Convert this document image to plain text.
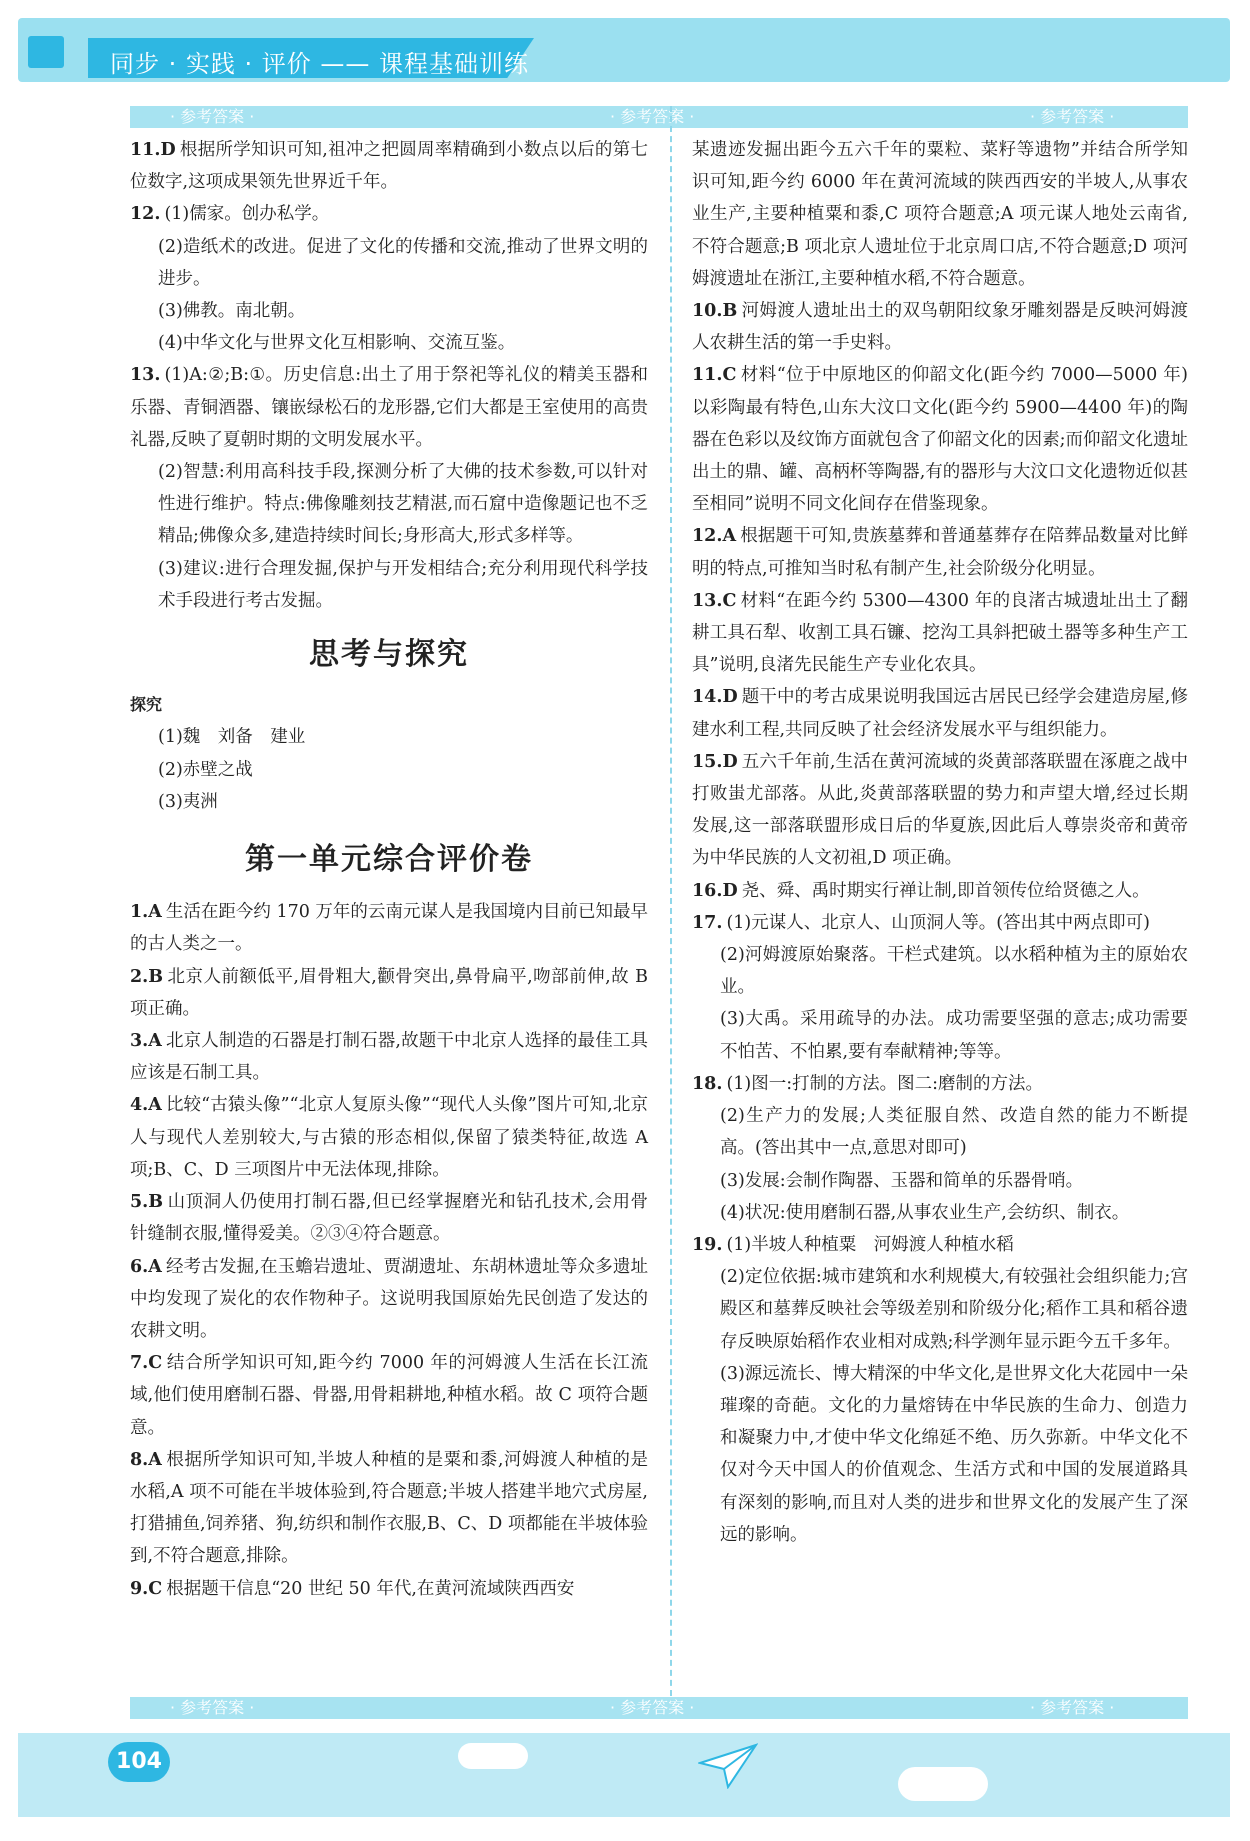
同步 · 实践 · 评价 —— 课程基础训练
· 参考答案 ·	· 参考答案 ·	· 参考答案 ·

11.D 根据所学知识可知,祖冲之把圆周率精确到小数点以后的第七位数字,这项成果领先世界近千年。

12. (1)儒家。创办私学。

(2)造纸术的改进。促进了文化的传播和交流,推动了世界文明的进步。

(3)佛教。南北朝。

(4)中华文化与世界文化互相影响、交流互鉴。

13. (1)A:②;B:①。历史信息:出土了用于祭祀等礼仪的精美玉器和乐器、青铜酒器、镶嵌绿松石的龙形器,它们大都是王室使用的高贵礼器,反映了夏朝时期的文明发展水平。

(2)智慧:利用高科技手段,探测分析了大佛的技术参数,可以针对性进行维护。特点:佛像雕刻技艺精湛,而石窟中造像题记也不乏精品;佛像众多,建造持续时间长;身形高大,形式多样等。

(3)建议:进行合理发掘,保护与开发相结合;充分利用现代科学技术手段进行考古发掘。

思考与探究
探究

(1)魏　刘备　建业

(2)赤壁之战

(3)夷洲

第一单元综合评价卷

1.A 生活在距今约 170 万年的云南元谋人是我国境内目前已知最早的古人类之一。

2.B 北京人前额低平,眉骨粗大,颧骨突出,鼻骨扁平,吻部前伸,故 B 项正确。

3.A 北京人制造的石器是打制石器,故题干中北京人选择的最佳工具应该是石制工具。

4.A 比较“古猿头像”“北京人复原头像”“现代人头像”图片可知,北京人与现代人差别较大,与古猿的形态相似,保留了猿类特征,故选 A 项;B、C、D 三项图片中无法体现,排除。

5.B 山顶洞人仍使用打制石器,但已经掌握磨光和钻孔技术,会用骨针缝制衣服,懂得爱美。②③④符合题意。

6.A 经考古发掘,在玉蟾岩遗址、贾湖遗址、东胡林遗址等众多遗址中均发现了炭化的农作物种子。这说明我国原始先民创造了发达的农耕文明。

7.C 结合所学知识可知,距今约 7000 年的河姆渡人生活在长江流域,他们使用磨制石器、骨器,用骨耜耕地,种植水稻。故 C 项符合题意。

8.A 根据所学知识可知,半坡人种植的是粟和黍,河姆渡人种植的是水稻,A 项不可能在半坡体验到,符合题意;半坡人搭建半地穴式房屋,打猎捕鱼,饲养猪、狗,纺织和制作衣服,B、C、D 项都能在半坡体验到,不符合题意,排除。

9.C 根据题干信息“20 世纪 50 年代,在黄河流域陕西西安

某遗迹发掘出距今五六千年的粟粒、菜籽等遗物”并结合所学知识可知,距今约 6000 年在黄河流域的陕西西安的半坡人,从事农业生产,主要种植粟和黍,C 项符合题意;A 项元谋人地处云南省,不符合题意;B 项北京人遗址位于北京周口店,不符合题意;D 项河姆渡遗址在浙江,主要种植水稻,不符合题意。

10.B 河姆渡人遗址出土的双鸟朝阳纹象牙雕刻器是反映河姆渡人农耕生活的第一手史料。

11.C 材料“位于中原地区的仰韶文化(距今约 7000—5000 年)以彩陶最有特色,山东大汶口文化(距今约 5900—4400 年)的陶器在色彩以及纹饰方面就包含了仰韶文化的因素;而仰韶文化遗址出土的鼎、罐、高柄杯等陶器,有的器形与大汶口文化遗物近似甚至相同”说明不同文化间存在借鉴现象。

12.A 根据题干可知,贵族墓葬和普通墓葬存在陪葬品数量对比鲜明的特点,可推知当时私有制产生,社会阶级分化明显。

13.C 材料“在距今约 5300—4300 年的良渚古城遗址出土了翻耕工具石犁、收割工具石镰、挖沟工具斜把破土器等多种生产工具”说明,良渚先民能生产专业化农具。

14.D 题干中的考古成果说明我国远古居民已经学会建造房屋,修建水利工程,共同反映了社会经济发展水平与组织能力。

15.D 五六千年前,生活在黄河流域的炎黄部落联盟在涿鹿之战中打败蚩尤部落。从此,炎黄部落联盟的势力和声望大增,经过长期发展,这一部落联盟形成日后的华夏族,因此后人尊崇炎帝和黄帝为中华民族的人文初祖,D 项正确。

16.D 尧、舜、禹时期实行禅让制,即首领传位给贤德之人。

17. (1)元谋人、北京人、山顶洞人等。(答出其中两点即可)

(2)河姆渡原始聚落。干栏式建筑。以水稻种植为主的原始农业。

(3)大禹。采用疏导的办法。成功需要坚强的意志;成功需要不怕苦、不怕累,要有奉献精神;等等。

18. (1)图一:打制的方法。图二:磨制的方法。

(2)生产力的发展;人类征服自然、改造自然的能力不断提高。(答出其中一点,意思对即可)

(3)发展:会制作陶器、玉器和简单的乐器骨哨。

(4)状况:使用磨制石器,从事农业生产,会纺织、制衣。

19. (1)半坡人种植粟　河姆渡人种植水稻

(2)定位依据:城市建筑和水利规模大,有较强社会组织能力;宫殿区和墓葬反映社会等级差别和阶级分化;稻作工具和稻谷遗存反映原始稻作农业相对成熟;科学测年显示距今五千多年。

(3)源远流长、博大精深的中华文化,是世界文化大花园中一朵璀璨的奇葩。文化的力量熔铸在中华民族的生命力、创造力和凝聚力中,才使中华文化绵延不绝、历久弥新。中华文化不仅对今天中国人的价值观念、生活方式和中国的发展道路具有深刻的影响,而且对人类的进步和世界文化的发展产生了深远的影响。

· 参考答案 ·	· 参考答案 ·	· 参考答案 ·
104
